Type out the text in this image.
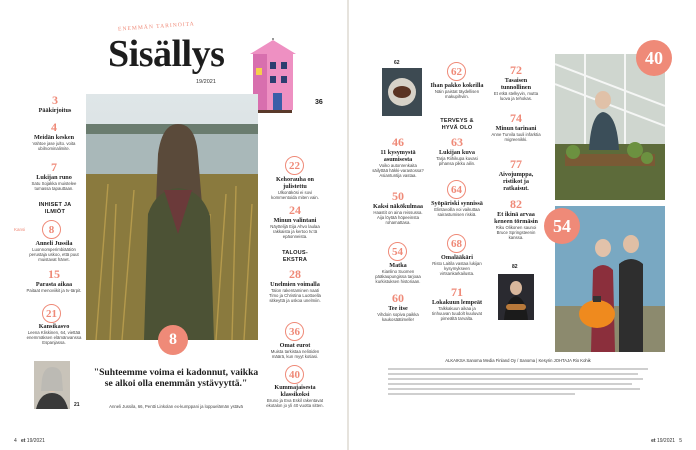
ENEMMÄN TARINOITA
Sisällys
19/2021
36
3
Pääkirjoitus
4
Meidän kesken
Vahtoe jase julto. voita ubilnominalimite.
7
Lukijan runo
Satu Sojakka muistelee tumassa tapauttaan.
INHISET JA ILMIÖT
Kansi 8
Anneli Jussila
Luonnomperimbiäätiön perustaja uskoo, että puut muistavat hänet.
15
Parasta aikaa
Paitaat menoviikit ja tv-tärpit.
21
Kansikasvo
Leena Kliskinen, 64, viettää enemmäksen elämänvanssa Espanjassa.	8
22
Kehorauha on julistettu
Ulkonäkösi ei sovi kommentoida miten vain.
24
Minun valintani
Näyttelijä Eija Ahvo laulaa rakkaista ja kertoo tv:tä epäonneista.
TALOUS-EKSTRA
28
Unelmien voimalla
Talon rakentaminen naati Timo ja Christina Luottoella sitkeyttä ja uskoa unelmiin.
36
Omat eurot
Muista tarkistaa neliöiden määrä, kun myyt kotiasi.
40
Kummajaisesta klassikoksi
Bruno ja Eva Eskil rakentavat ekotalon jo yli 40 vuotta sitten.
21
"Suhteemme voima ei kadonnut, vaikka se alkoi olla enemmän ystävyyttä."
Anneli Jussila, 66, Pentti Linkolan ex-kumppani ja loppuelämän ystävä
4 et 19/2021
62
46
11 kysymystä asumisesta
Voiko autonrenkaita säilyttää häkki-varastossa? Asiantuntija vastaa.
50
Kaksi näkökulmaa
Haastit on aina reissussa. Aija löytää höpeeinsta rohamattasa.
54
Matka
Kianlino Suomen pääkaupungissa tarjoaa kurkistuksen historiaan.
60
Tee itse
Vihdoin sopiva paikka kaukosäätimelle!
62
Ihan pakko kokeilla
Näin paistat täydellisen makupihviin.
TERVEYS & HYVÄ OLO
63
Lukijan kuva
Tarja Riihikupa kuvasi pihansa pikku ailin.
64
Syöpäriski synnissä
Elintavoilla voi vaikuttaa sairastumisen riskiä.
68
Omalääkäri
Risto Laitila vastaa lukijan kysymykseen virtsankarkailusta.
71
Lokakuun lempeät
Talkkakuun aikaa ja tinhuuvan tuudolt kuuluvat pimeältä tarvalta.
72
Tasaisen tunnollinen
Et etkä stelkyvin, mutta luova ja tehokas.
74
Minun tarinani
Anne Turvila tuuli infarktia migreenikki.
77
Aivojumppa, ristikot ja ratkaisut.
82
Et ikinä arvaa keneen törmäsin
Riku Olikonen saunoi Bruce Springsteenin kanssa.
82
40
54
ALKAIKSA Sanoma Media Finland Oy / Sanoma | Kesyrin JOHTAJA Rio Kohik
et 19/2021 5
